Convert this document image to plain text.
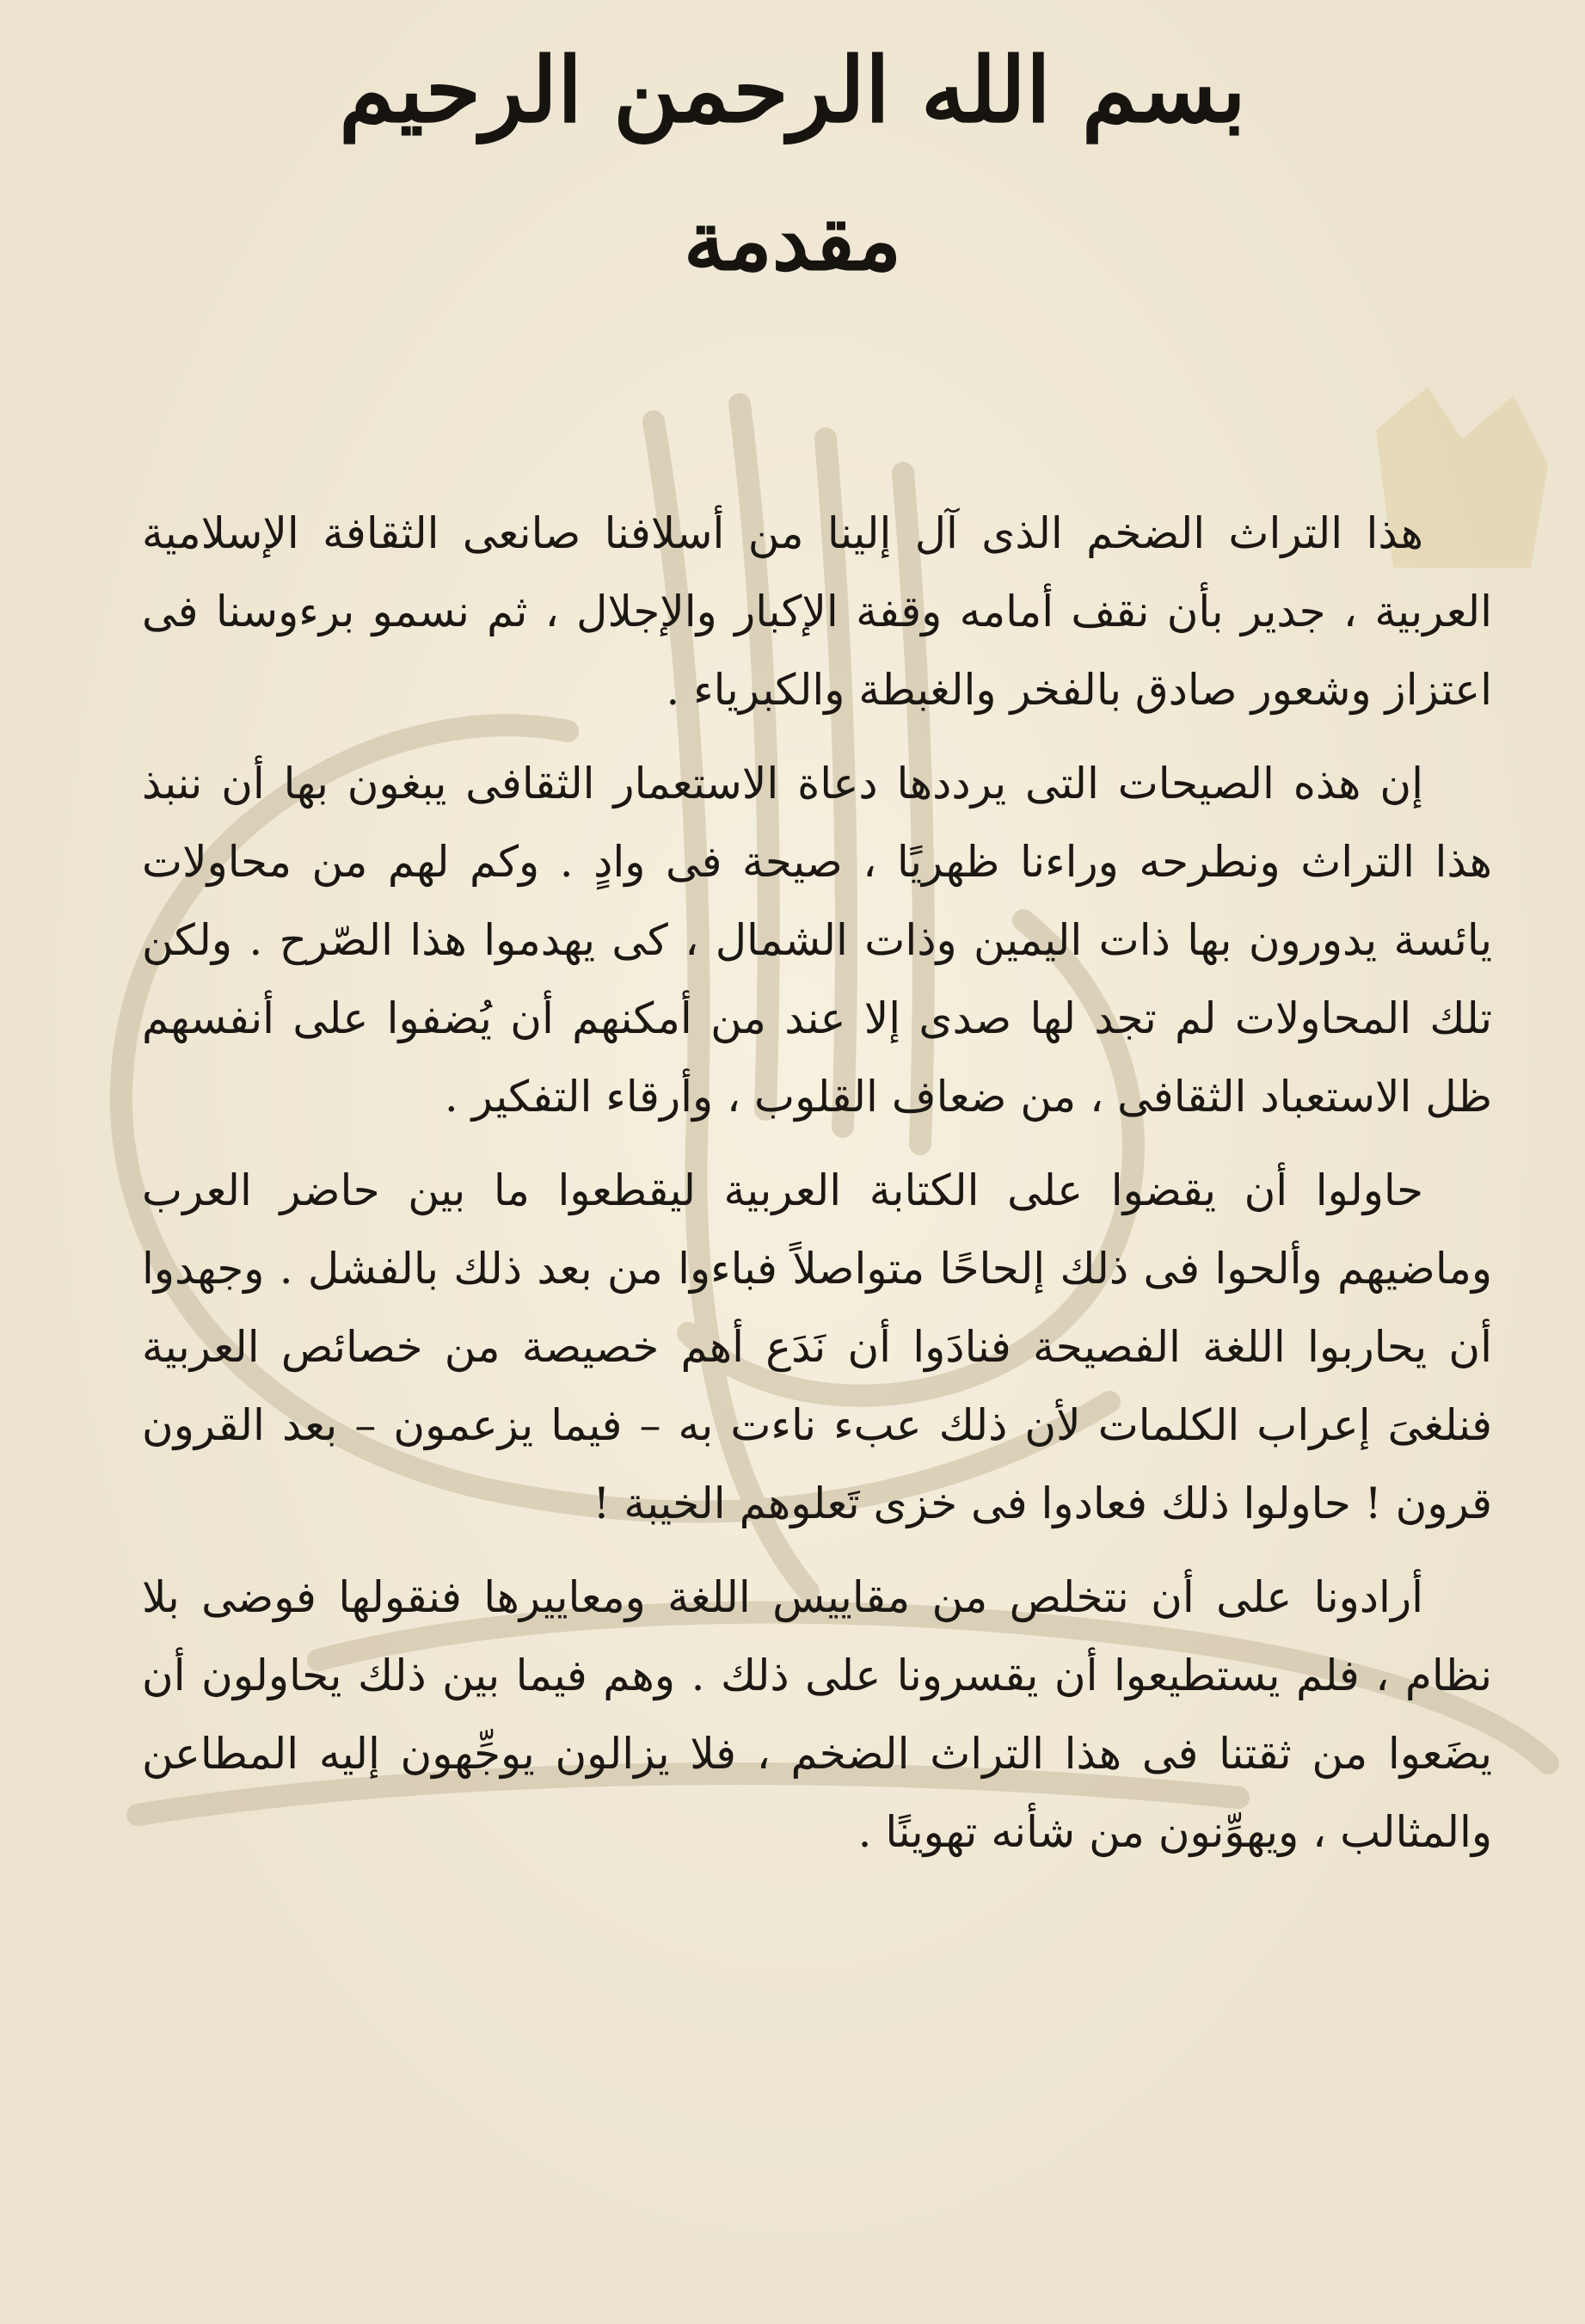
بسم الله الرحمن الرحيم
مقدمة

هذا التراث الضخم الذى آل إلينا من أسلافنا صانعى الثقافة الإسلامية العربية ، جدير بأن نقف أمامه وقفة الإكبار والإجلال ، ثم نسمو برءوسنا فى اعتزاز وشعور صادق بالفخر والغبطة والكبرياء .

إن هذه الصيحات التى يرددها دعاة الاستعمار الثقافى يبغون بها أن ننبذ هذا التراث ونطرحه وراءنا ظهريًا ، صيحة فى وادٍ . وكم لهم من محاولات يائسة يدورون بها ذات اليمين وذات الشمال ، كى يهدموا هذا الصّرح . ولكن تلك المحاولات لم تجد لها صدى إلا عند من أمكنهم أن يُضفوا على أنفسهم ظل الاستعباد الثقافى ، من ضعاف القلوب ، وأرقاء التفكير .

حاولوا أن يقضوا على الكتابة العربية ليقطعوا ما بين حاضر العرب وماضيهم وألحوا فى ذلك إلحاحًا متواصلاً فباءوا من بعد ذلك بالفشل . وجهدوا أن يحاربوا اللغة الفصيحة فنادَوا أن نَدَع أهم خصيصة من خصائص العربية فنلغىَ إعراب الكلمات لأن ذلك عبء ناءت به – فيما يزعمون – بعد القرون قرون ! حاولوا ذلك فعادوا فى خزى تَعلوهم الخيبة !

أرادونا على أن نتخلص من مقاييس اللغة ومعاييرها فنقولها فوضى بلا نظام ، فلم يستطيعوا أن يقسرونا على ذلك . وهم فيما بين ذلك يحاولون أن يضَعوا من ثقتنا فى هذا التراث الضخم ، فلا يزالون يوجِّهون إليه المطاعن والمثالب ، ويهوِّنون من شأنه تهوينًا .
